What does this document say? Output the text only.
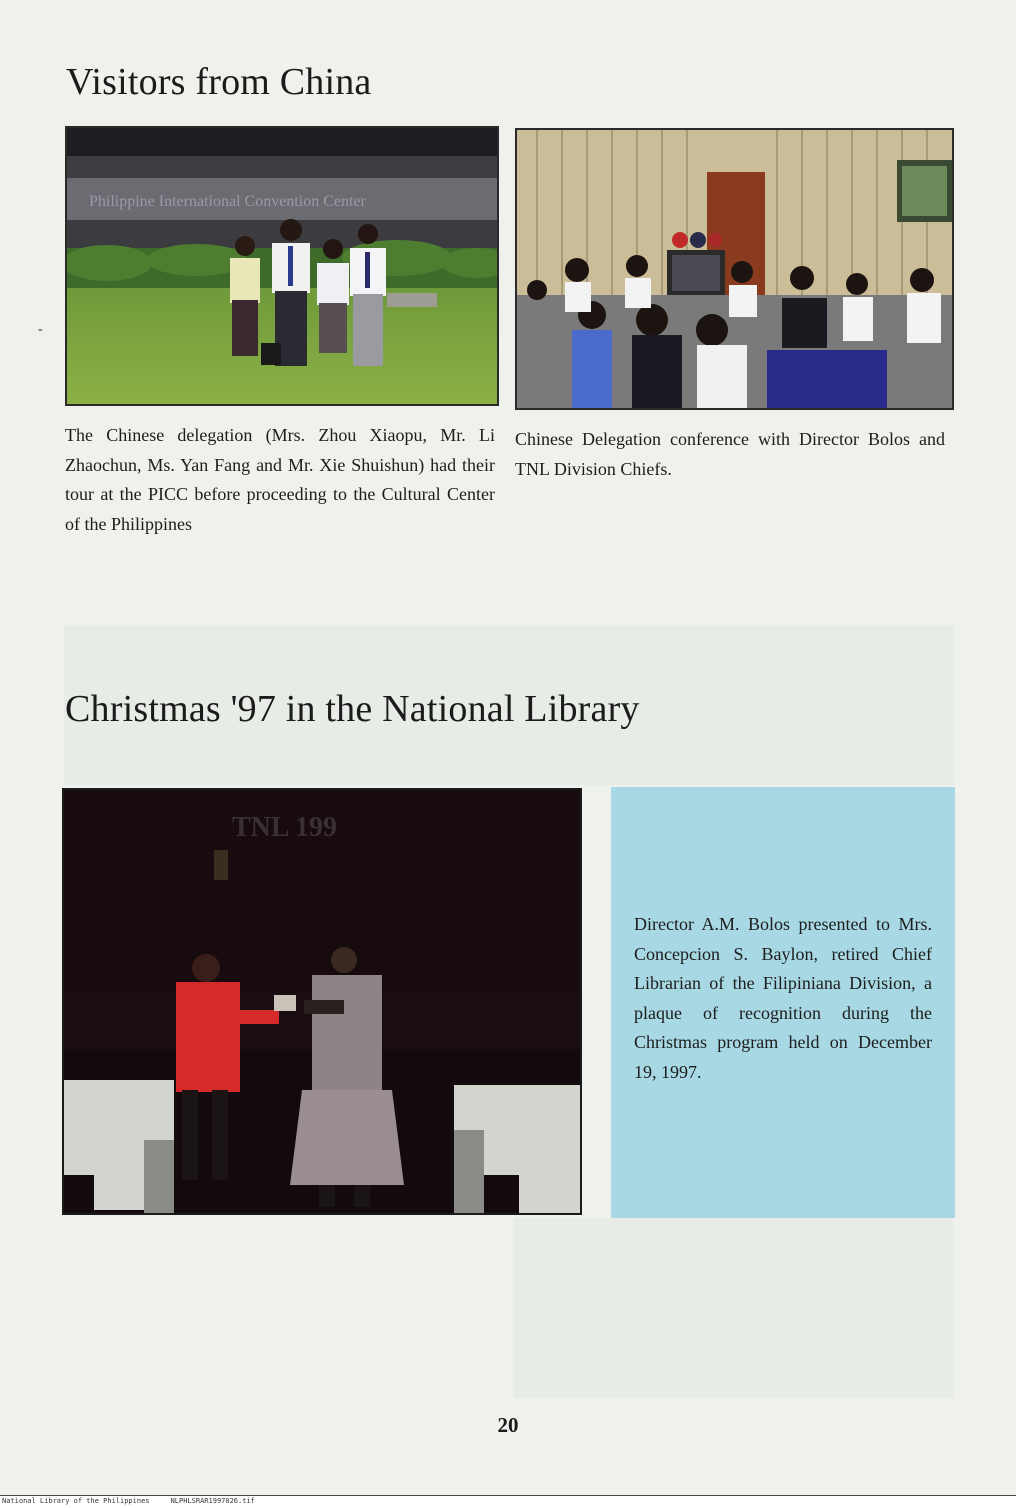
-
Visitors from China
Philippine International Convention Center

The Chinese delegation (Mrs. Zhou Xiaopu, Mr. Li Zhaochun, Ms. Yan Fang and Mr. Xie Shuishun) had their tour at the PICC before proceeding to the Cultural Center of the Philippines

Chinese Delegation conference with Director Bolos and TNL Division Chiefs.

Christmas '97 in the National Library
TNL 199

Director A.M. Bolos presented to Mrs. Concepcion S. Baylon, retired Chief Librarian of the Filipiniana Division, a plaque of recognition during the Christmas program held on December 19, 1997.

20
National Library of the Philippines	NLPHLSRAR1997026.tif
